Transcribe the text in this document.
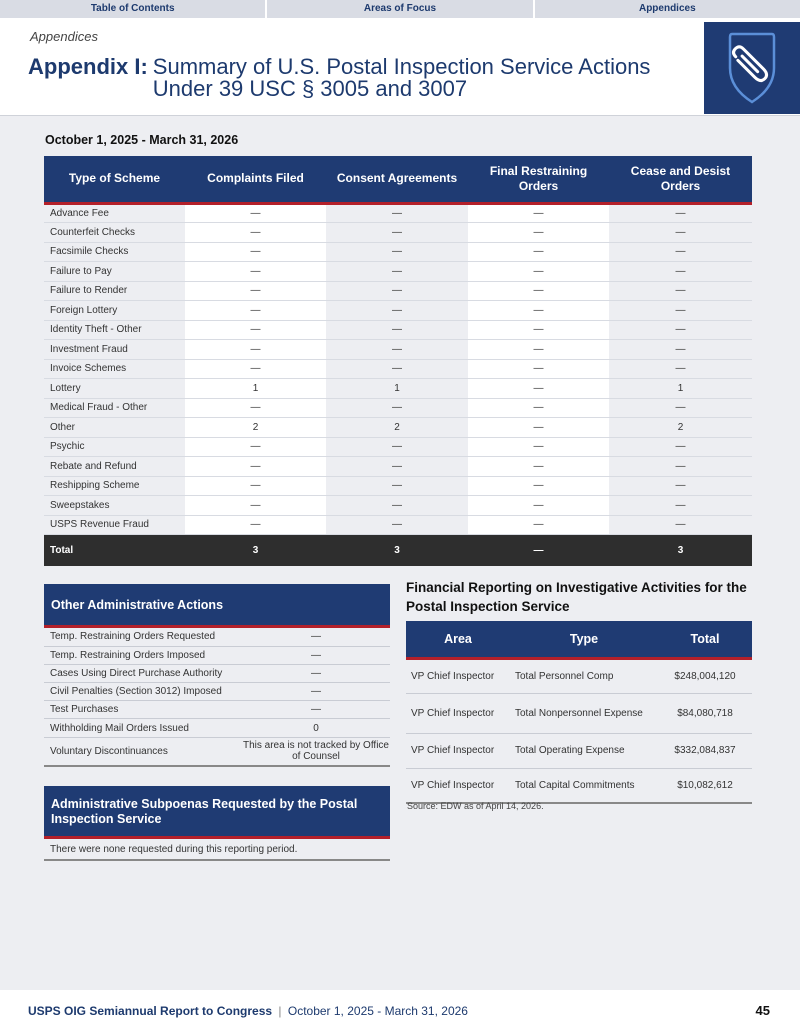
Table of Contents	Areas of Focus	Appendices
Appendices
Appendix I: Summary of U.S. Postal Inspection Service Actions Under 39 USC § 3005 and 3007
October 1, 2025 - March 31, 2026
Type of Scheme	Complaints Filed	Consent Agreements	Final Restraining Orders	Cease and Desist Orders
Advance Fee	—	—	—	—
Counterfeit Checks	—	—	—	—
Facsimile Checks	—	—	—	—
Failure to Pay	—	—	—	—
Failure to Render	—	—	—	—
Foreign Lottery	—	—	—	—
Identity Theft - Other	—	—	—	—
Investment Fraud	—	—	—	—
Invoice Schemes	—	—	—	—
Lottery	1	1	—	1
Medical Fraud - Other	—	—	—	—
Other	2	2	—	2
Psychic	—	—	—	—
Rebate and Refund	—	—	—	—
Reshipping Scheme	—	—	—	—
Sweepstakes	—	—	—	—
USPS Revenue Fraud	—	—	—	—
Total	3	3	—	3
Other Administrative Actions
Temp. Restraining Orders Requested	—
Temp. Restraining Orders Imposed	—
Cases Using Direct Purchase Authority	—
Civil Penalties (Section 3012) Imposed	—
Test Purchases	—
Withholding Mail Orders Issued	0
Voluntary Discontinuances	This area is not tracked by Office of Counsel
Administrative Subpoenas Requested by the Postal Inspection Service
There were none requested during this reporting period.
Financial Reporting on Investigative Activities for the Postal Inspection Service
Area	Type	Total
VP Chief Inspector	Total Personnel Comp	$248,004,120
VP Chief Inspector	Total Nonpersonnel Expense	$84,080,718
VP Chief Inspector	Total Operating Expense	$332,084,837
VP Chief Inspector	Total Capital Commitments	$10,082,612
Source: EDW as of April 14, 2026.
USPS OIG Semiannual Report to Congress | October 1, 2025 - March 31, 2026	45
